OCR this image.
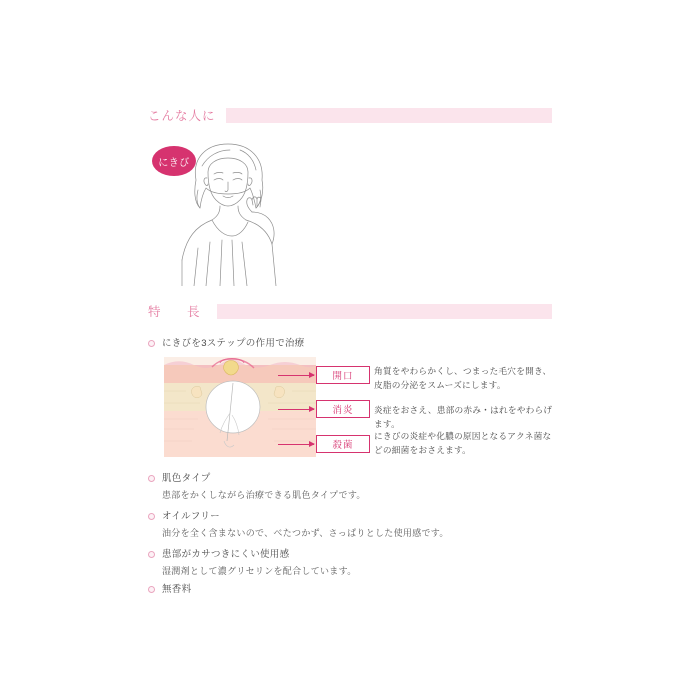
こんな人に
にきび
特　長
にきびを3ステップの作用で治療
開口 角質をやわらかくし、つまった毛穴を開き、皮脂の分泌をスムーズにします。
消炎 炎症をおさえ、患部の赤み・はれをやわらげます。
殺菌
にきびの炎症や化膿の原因となるアクネ菌などの細菌をおさえます。
肌色タイプ
患部をかくしながら治療できる肌色タイプです。
オイルフリー
油分を全く含まないので、べたつかず、さっぱりとした使用感です。
患部がカサつきにくい使用感
湿潤剤として濃グリセリンを配合しています。
無香料
